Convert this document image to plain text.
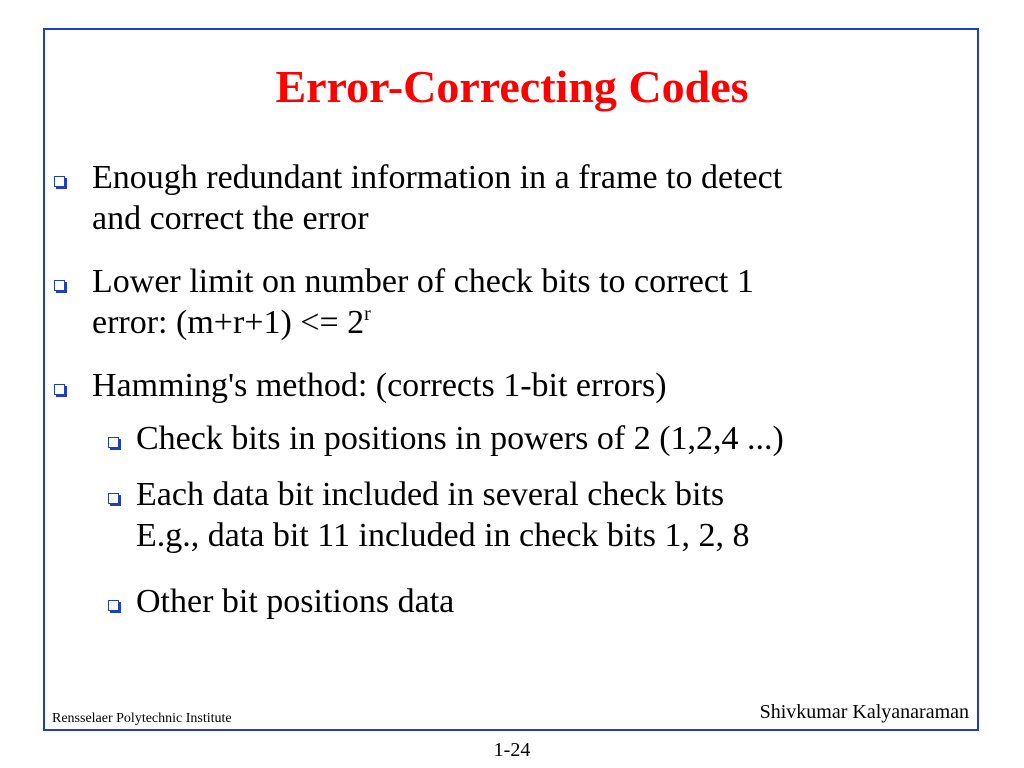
Error-Correcting Codes
Enough redundant information in a frame to detect
and correct the error
Lower limit on number of check bits to correct 1
error: $(m+r+1) <= 2^r$
Hamming's method: (corrects 1-bit errors)
Check bits in positions in powers of 2 (1,2,4 ...)
Each data bit included in several check bits
E.g., data bit 11 included in check bits 1, 2, 8
Other bit positions data
Rensselaer Polytechnic Institute	Shivkumar Kalyanaraman
1-24
